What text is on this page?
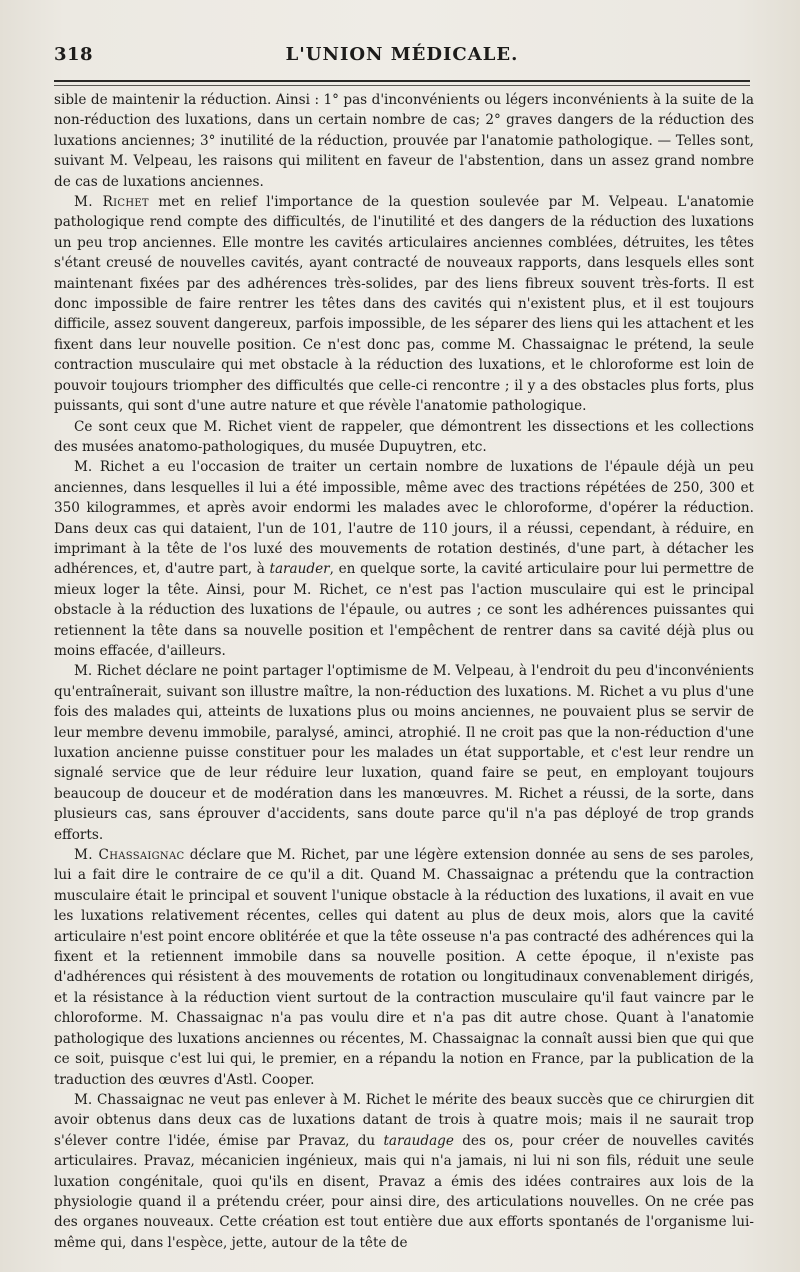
318	L'UNION MÉDICALE.

sible de maintenir la réduction. Ainsi : 1° pas d'inconvénients ou légers inconvénients à la suite de la non-réduction des luxations, dans un certain nombre de cas; 2° graves dangers de la réduction des luxations anciennes; 3° inutilité de la réduction, prouvée par l'anatomie pathologique. — Telles sont, suivant M. Velpeau, les raisons qui militent en faveur de l'abstention, dans un assez grand nombre de cas de luxations anciennes.

M. Richet met en relief l'importance de la question soulevée par M. Velpeau. L'anatomie pathologique rend compte des difficultés, de l'inutilité et des dangers de la réduction des luxations un peu trop anciennes. Elle montre les cavités articulaires anciennes comblées, détruites, les têtes s'étant creusé de nouvelles cavités, ayant contracté de nouveaux rapports, dans lesquels elles sont maintenant fixées par des adhérences très-solides, par des liens fibreux souvent très-forts. Il est donc impossible de faire rentrer les têtes dans des cavités qui n'existent plus, et il est toujours difficile, assez souvent dangereux, parfois impossible, de les séparer des liens qui les attachent et les fixent dans leur nouvelle position. Ce n'est donc pas, comme M. Chassaignac le prétend, la seule contraction musculaire qui met obstacle à la réduction des luxations, et le chloroforme est loin de pouvoir toujours triompher des difficultés que celle-ci rencontre ; il y a des obstacles plus forts, plus puissants, qui sont d'une autre nature et que révèle l'anatomie pathologique.

Ce sont ceux que M. Richet vient de rappeler, que démontrent les dissections et les collections des musées anatomo-pathologiques, du musée Dupuytren, etc.

M. Richet a eu l'occasion de traiter un certain nombre de luxations de l'épaule déjà un peu anciennes, dans lesquelles il lui a été impossible, même avec des tractions répétées de 250, 300 et 350 kilogrammes, et après avoir endormi les malades avec le chloroforme, d'opérer la réduction. Dans deux cas qui dataient, l'un de 101, l'autre de 110 jours, il a réussi, cependant, à réduire, en imprimant à la tête de l'os luxé des mouvements de rotation destinés, d'une part, à détacher les adhérences, et, d'autre part, à tarauder, en quelque sorte, la cavité articulaire pour lui permettre de mieux loger la tête. Ainsi, pour M. Richet, ce n'est pas l'action musculaire qui est le principal obstacle à la réduction des luxations de l'épaule, ou autres ; ce sont les adhérences puissantes qui retiennent la tête dans sa nouvelle position et l'empêchent de rentrer dans sa cavité déjà plus ou moins effacée, d'ailleurs.

M. Richet déclare ne point partager l'optimisme de M. Velpeau, à l'endroit du peu d'inconvénients qu'entraînerait, suivant son illustre maître, la non-réduction des luxations. M. Richet a vu plus d'une fois des malades qui, atteints de luxations plus ou moins anciennes, ne pouvaient plus se servir de leur membre devenu immobile, paralysé, aminci, atrophié. Il ne croit pas que la non-réduction d'une luxation ancienne puisse constituer pour les malades un état supportable, et c'est leur rendre un signalé service que de leur réduire leur luxation, quand faire se peut, en employant toujours beaucoup de douceur et de modération dans les manœuvres. M. Richet a réussi, de la sorte, dans plusieurs cas, sans éprouver d'accidents, sans doute parce qu'il n'a pas déployé de trop grands efforts.

M. Chassaignac déclare que M. Richet, par une légère extension donnée au sens de ses paroles, lui a fait dire le contraire de ce qu'il a dit. Quand M. Chassaignac a prétendu que la contraction musculaire était le principal et souvent l'unique obstacle à la réduction des luxations, il avait en vue les luxations relativement récentes, celles qui datent au plus de deux mois, alors que la cavité articulaire n'est point encore oblitérée et que la tête osseuse n'a pas contracté des adhérences qui la fixent et la retiennent immobile dans sa nouvelle position. A cette époque, il n'existe pas d'adhérences qui résistent à des mouvements de rotation ou longitudinaux convenablement dirigés, et la résistance à la réduction vient surtout de la contraction musculaire qu'il faut vaincre par le chloroforme. M. Chassaignac n'a pas voulu dire et n'a pas dit autre chose. Quant à l'anatomie pathologique des luxations anciennes ou récentes, M. Chassaignac la connaît aussi bien que qui que ce soit, puisque c'est lui qui, le premier, en a répandu la notion en France, par la publication de la traduction des œuvres d'Astl. Cooper.

M. Chassaignac ne veut pas enlever à M. Richet le mérite des beaux succès que ce chirurgien dit avoir obtenus dans deux cas de luxations datant de trois à quatre mois; mais il ne saurait trop s'élever contre l'idée, émise par Pravaz, du taraudage des os, pour créer de nouvelles cavités articulaires. Pravaz, mécanicien ingénieux, mais qui n'a jamais, ni lui ni son fils, réduit une seule luxation congénitale, quoi qu'ils en disent, Pravaz a émis des idées contraires aux lois de la physiologie quand il a prétendu créer, pour ainsi dire, des articulations nouvelles. On ne crée pas des organes nouveaux. Cette création est tout entière due aux efforts spontanés de l'organisme lui-même qui, dans l'espèce, jette, autour de la tête de
